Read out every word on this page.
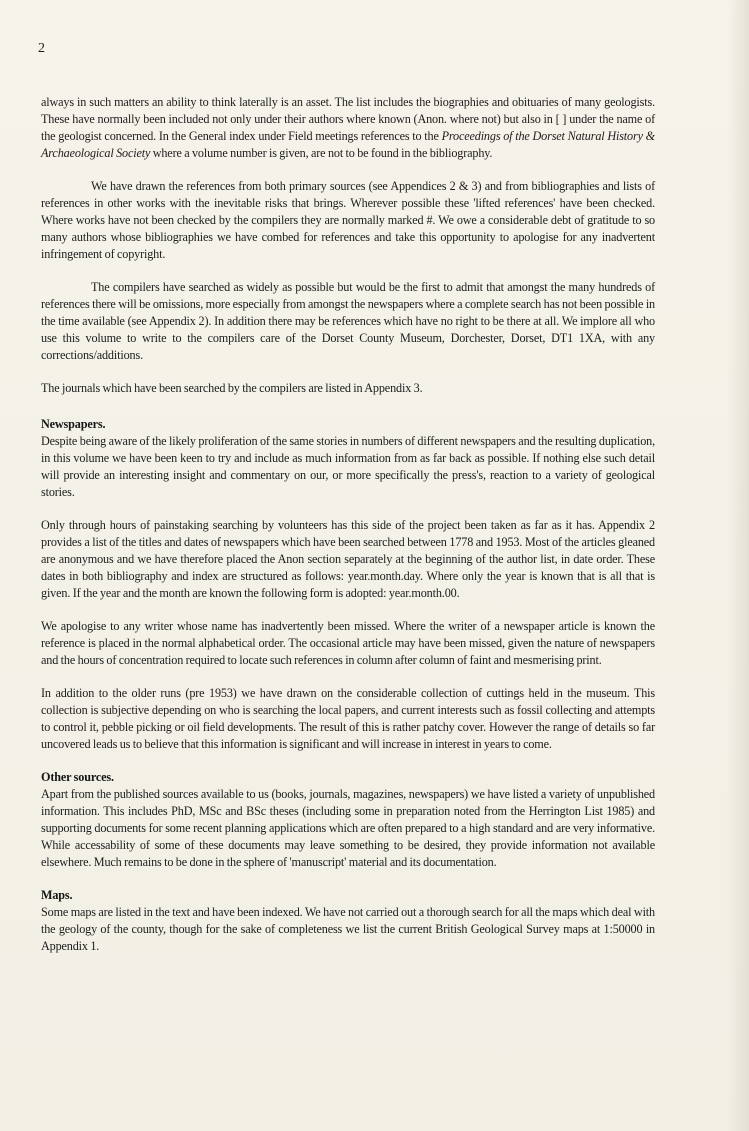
2

always in such matters an ability to think laterally is an asset. The list includes the biographies and obituaries of many geologists. These have normally been included not only under their authors where known (Anon. where not) but also in [ ] under the name of the geologist concerned. In the General index under Field meetings references to the Proceedings of the Dorset Natural History & Archaeological Society where a volume number is given, are not to be found in the bibliography.

We have drawn the references from both primary sources (see Appendices 2 & 3) and from bibliographies and lists of references in other works with the inevitable risks that brings. Wherever possible these 'lifted references' have been checked. Where works have not been checked by the compilers they are normally marked #. We owe a considerable debt of gratitude to so many authors whose bibliographies we have combed for references and take this opportunity to apologise for any inadvertent infringement of copyright.

The compilers have searched as widely as possible but would be the first to admit that amongst the many hundreds of references there will be omissions, more especially from amongst the newspapers where a complete search has not been possible in the time available (see Appendix 2). In addition there may be references which have no right to be there at all. We implore all who use this volume to write to the compilers care of the Dorset County Museum, Dorchester, Dorset, DT1 1XA, with any corrections/additions.

The journals which have been searched by the compilers are listed in Appendix 3.

Newspapers.

Despite being aware of the likely proliferation of the same stories in numbers of different newspapers and the resulting duplication, in this volume we have been keen to try and include as much information from as far back as possible. If nothing else such detail will provide an interesting insight and commentary on our, or more specifically the press's, reaction to a variety of geological stories.

Only through hours of painstaking searching by volunteers has this side of the project been taken as far as it has. Appendix 2 provides a list of the titles and dates of newspapers which have been searched between 1778 and 1953. Most of the articles gleaned are anonymous and we have therefore placed the Anon section separately at the beginning of the author list, in date order. These dates in both bibliography and index are structured as follows: year.month.day. Where only the year is known that is all that is given. If the year and the month are known the following form is adopted: year.month.00.

We apologise to any writer whose name has inadvertently been missed. Where the writer of a newspaper article is known the reference is placed in the normal alphabetical order. The occasional article may have been missed, given the nature of newspapers and the hours of concentration required to locate such references in column after column of faint and mesmerising print.

In addition to the older runs (pre 1953) we have drawn on the considerable collection of cuttings held in the museum. This collection is subjective depending on who is searching the local papers, and current interests such as fossil collecting and attempts to control it, pebble picking or oil field developments. The result of this is rather patchy cover. However the range of details so far uncovered leads us to believe that this information is significant and will increase in interest in years to come.

Other sources.

Apart from the published sources available to us (books, journals, magazines, newspapers) we have listed a variety of unpublished information. This includes PhD, MSc and BSc theses (including some in preparation noted from the Herrington List 1985) and supporting documents for some recent planning applications which are often prepared to a high standard and are very informative. While accessability of some of these documents may leave something to be desired, they provide information not available elsewhere. Much remains to be done in the sphere of 'manuscript' material and its documentation.

Maps.

Some maps are listed in the text and have been indexed. We have not carried out a thorough search for all the maps which deal with the geology of the county, though for the sake of completeness we list the current British Geological Survey maps at 1:50000 in Appendix 1.
